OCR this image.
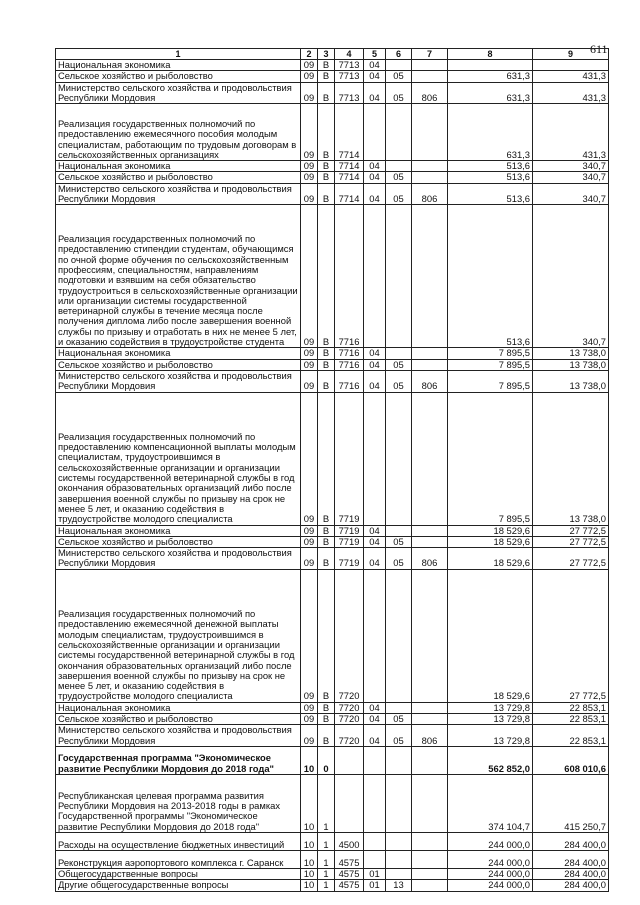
611
1	2	3	4	5	6	7	8	9
Национальная экономика	09	В	7713	04				
Сельское хозяйство и рыболовство	09	В	7713	04	05		631,3	431,3
Министерство сельского хозяйства и продовольствия Республики Мордовия	09	В	7713	04	05	806	631,3	431,3
Реализация государственных полномочий по предоставлению ежемесячного пособия молодым специалистам, работающим по трудовым договорам в сельскохозяйственных организациях	09	В	7714				631,3	431,3
Национальная экономика	09	В	7714	04			513,6	340,7
Сельское хозяйство и рыболовство	09	В	7714	04	05		513,6	340,7
Министерство сельского хозяйства и продовольствия Республики Мордовия	09	В	7714	04	05	806	513,6	340,7
Реализация государственных полномочий по предоставлению стипендии студентам, обучающимся по очной форме обучения по сельскохозяйственным профессиям, специальностям, направлениям подготовки и взявшим на себя обязательство трудоустроиться в сельскохозяйственные организации или организации системы государственной ветеринарной службы в течение месяца после получения диплома либо после завершения военной службы по призыву и отработать в них не менее 5 лет, и оказанию содействия в трудоустройстве студента	09	В	7716				513,6	340,7
Национальная экономика	09	В	7716	04			7 895,5	13 738,0
Сельское хозяйство и рыболовство	09	В	7716	04	05		7 895,5	13 738,0
Министерство сельского хозяйства и продовольствия Республики Мордовия	09	В	7716	04	05	806	7 895,5	13 738,0
Реализация государственных полномочий по предоставлению компенсационной выплаты молодым специалистам, трудоустроившимся в сельскохозяйственные организации и организации системы государственной ветеринарной службы в год окончания образовательных организаций либо после завершения военной службы по призыву на срок не менее 5 лет, и оказанию содействия в трудоустройстве молодого специалиста	09	В	7719				7 895,5	13 738,0
Национальная экономика	09	В	7719	04			18 529,6	27 772,5
Сельское хозяйство и рыболовство	09	В	7719	04	05		18 529,6	27 772,5
Министерство сельского хозяйства и продовольствия Республики Мордовия	09	В	7719	04	05	806	18 529,6	27 772,5
Реализация государственных полномочий по предоставлению ежемесячной денежной выплаты молодым специалистам, трудоустроившимся в сельскохозяйственные организации и организации системы государственной ветеринарной службы в год окончания образовательных организаций либо после завершения военной службы по призыву на срок не менее 5 лет, и оказанию содействия в трудоустройстве молодого специалиста	09	В	7720				18 529,6	27 772,5
Национальная экономика	09	В	7720	04			13 729,8	22 853,1
Сельское хозяйство и рыболовство	09	В	7720	04	05		13 729,8	22 853,1
Министерство сельского хозяйства и продовольствия Республики Мордовия	09	В	7720	04	05	806	13 729,8	22 853,1
Государственная программа "Экономическое развитие Республики Мордовия до 2018 года"	10	0					562 852,0	608 010,6
Республиканская целевая программа развития Республики Мордовия на 2013-2018 годы в рамках Государственной программы "Экономическое развитие Республики Мордовия до 2018 года"	10	1					374 104,7	415 250,7
Расходы на осуществление бюджетных инвестиций	10	1	4500				244 000,0	284 400,0
Реконструкция аэропортового комплекса г. Саранск	10	1	4575				244 000,0	284 400,0
Общегосударственные вопросы	10	1	4575	01			244 000,0	284 400,0
Другие общегосударственные вопросы	10	1	4575	01	13		244 000,0	284 400,0
